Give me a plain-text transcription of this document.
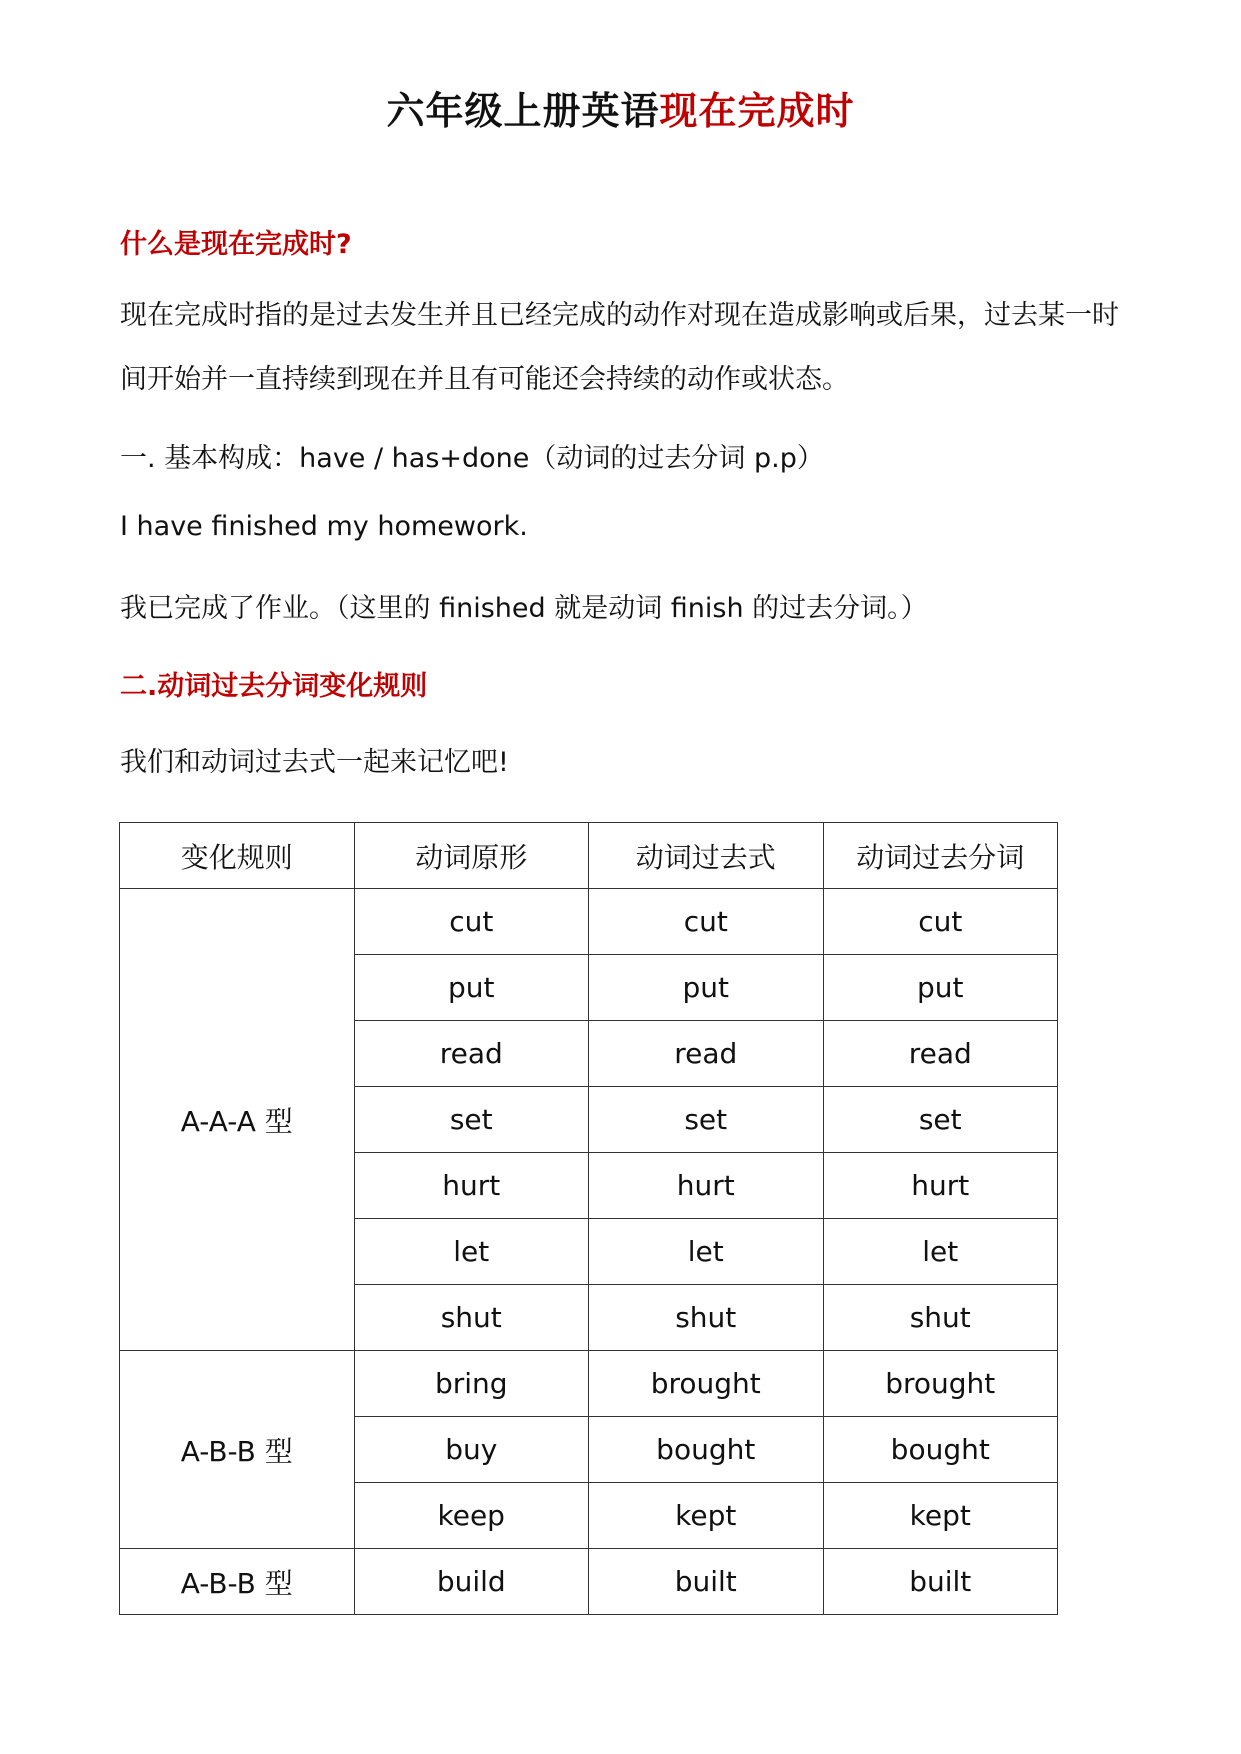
六年级上册英语现在完成时
什么是现在完成时?
现在完成时指的是过去发生并且已经完成的动作对现在造成影响或后果，过去某一时间开始并一直持续到现在并且有可能还会持续的动作或状态。
一. 基本构成：have / has+done（动词的过去分词 p.p）
I have finished my homework.
我已完成了作业。（这里的 finished 就是动词 finish 的过去分词。）
二.动词过去分词变化规则
我们和动词过去式一起来记忆吧!
变化规则	动词原形	动词过去式	动词过去分词
A-A-A 型	cut	cut	cut
	put	put	put
	read	read	read
	set	set	set
	hurt	hurt	hurt
	let	let	let
	shut	shut	shut
A-B-B 型	bring	brought	brought
	buy	bought	bought
	keep	kept	kept
A-B-B 型	build	built	built
